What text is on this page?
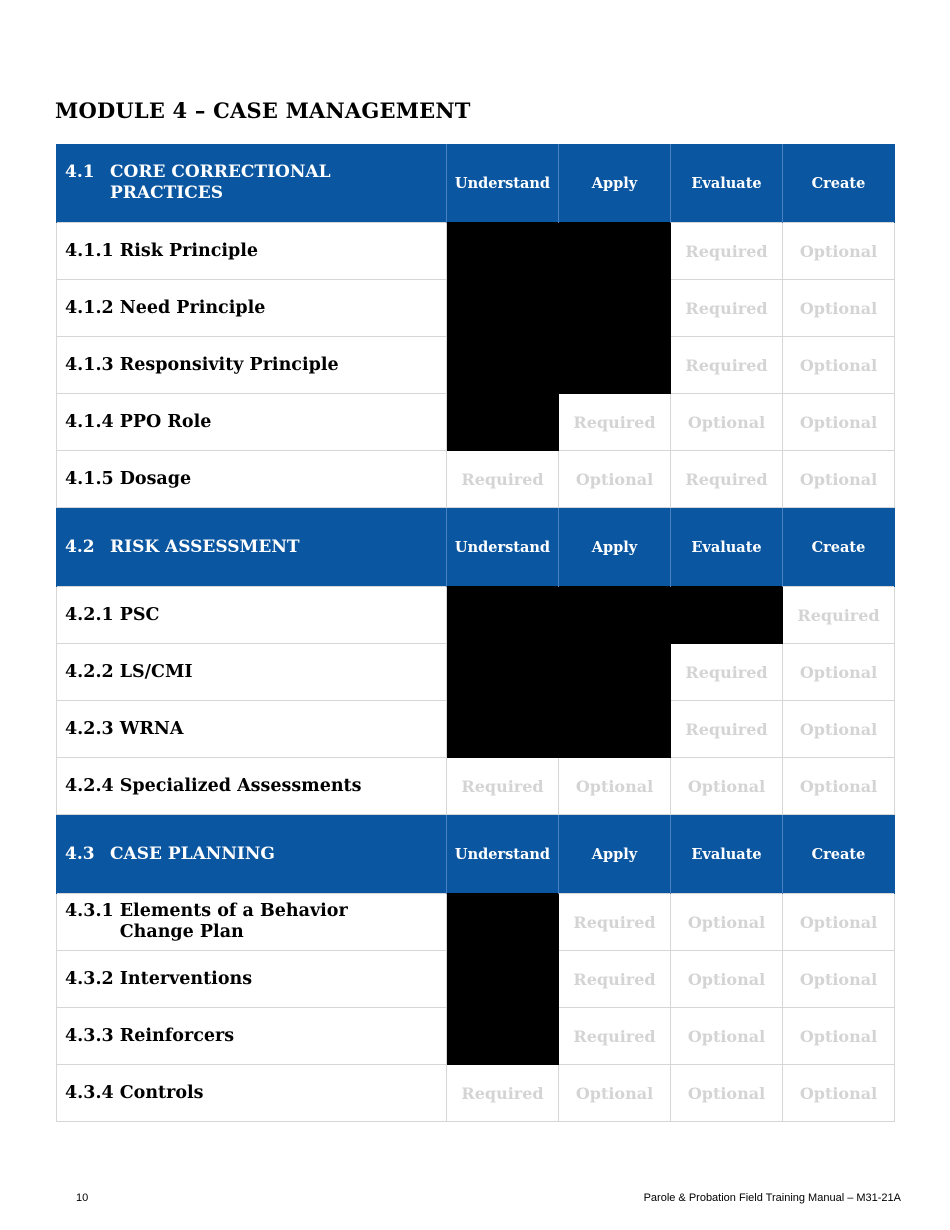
MODULE 4 – CASE MANAGEMENT
4.1 CORE CORRECTIONAL PRACTICES	Understand	Apply	Evaluate	Create

4.1.1 Risk Principle			Required	Optional

4.1.2 Need Principle			Required	Optional

4.1.3 Responsivity Principle			Required	Optional

4.1.4 PPO Role		Required	Optional	Optional

4.1.5 Dosage	Required	Optional	Required	Optional

4.2 RISK ASSESSMENT	Understand	Apply	Evaluate	Create

4.2.1 PSC				Required

4.2.2 LS/CMI			Required	Optional

4.2.3 WRNA			Required	Optional

4.2.4 Specialized Assessments	Required	Optional	Optional	Optional

4.3 CASE PLANNING	Understand	Apply	Evaluate	Create

4.3.1 Elements of a Behavior Change Plan		Required	Optional	Optional

4.3.2 Interventions		Required	Optional	Optional

4.3.3 Reinforcers		Required	Optional	Optional

4.3.4 Controls	Required	Optional	Optional	Optional
10	Parole & Probation Field Training Manual – M31-21A
